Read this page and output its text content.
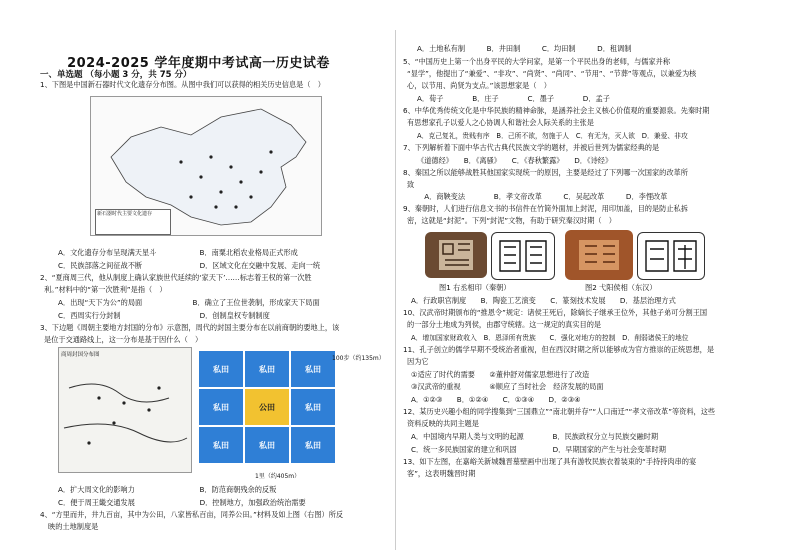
2024-2025 学年度期中考试高一历史试卷
一、单选题 （每小题 3 分，共 75 分）
1、下图是中国新石器时代文化遗存分布图。从图中我们可以获得的相关历史信息是（　）
新石器时代主要文化遗存
A．文化遗存分布呈现满天星斗　　　　　　B．南粟北稻农业格局正式形成
C．民族部落之间征战不断　　　　　　　　D．区域文化在交融中发展、走向一统
2、“夏商周三代，他从制度上确认家族世代延续的‘家天下’……标志着王权的第一次胜
利。”材料中的“第一次胜利”是指（　）
A．出现“天下为公”的局面　　　　　　　B．确立了王位世袭制，形成家天下局面
C．西周实行分封制　　　　　　　　　　　D．创制皇权专制制度
3、下边题《周朝主要地方封国的分布》示意图，周代的封国主要分布在以前商朝的要地上，该
是位于交通路线上，这一分布是基于因什么（　）
商周封国分布图
私田	私田	私田
私田	公田	私田
私田	私田	私田
100步（约135m）
1里（约405m）
A．扩大周文化的影响力　　　　　　　　　B．防范商朝残余的反叛
C．便于周王畿交通发展　　　　　　　　　D．控制地方，加强政治统治需要
4、“方里而井，井九百亩，其中为公田，八家皆私百亩，同养公田。”材料及如上图（右图）所反
映的土地制度是
A．土地私有制　　　B．井田制　　　C．均田制　　　D．租调制
5、“中国历史上第一个出身平民的大学问家，是第一个平民出身的老师，与儒家并称
“显学”，他提出了“兼爱”、“非攻”、“尚贤”、“尚同”、“节用”、“节葬”等观点，以兼爱为核
心，以节用、尚贤为支点。”该思想家是（　）
A．荀子　　　　B．庄子　　　　C．墨子　　　　D．孟子
6、中华优秀传统文化是中华民族的精神命脉，是涵养社会主义核心价值观的重要源泉。先秦时期
有思想家孔子以爱人之心协调人和谐社会人际关系的主张是
A．克己复礼，贵贱有序　B．己所不欲，勿施于人　C．有无为，灭人欲　D．兼爱、非攻
7、下列解析着下面中华古代古典代民族文学的题材，并被后世列为儒家经典的是
《道德经》　　B．《离骚》　　C．《春秋繁露》　　D．《诗经》
8、秦国之所以能够战胜其他国家实现统一的原因，主要是经过了下列哪一次国家的改革所
致
　A．商鞅变法　　　　B．孝文帝改革　　　C．吴起改革　　　D．李悝改革
9、秦朝时，人们进行信息文书的书信件在竹简外面加上封泥，用印加盖，目的是防止私拆
密，这就是“封泥”。下列“封泥”文物，有助于研究秦汉时期（　）
图1 右丞相印（秦朝）	图2 弋阳侯相（东汉）
A．行政职官制度　　B．陶瓷工艺演变　　C．篆刻技术发展　　D．基层治理方式
10、汉武帝时期颁布的“推恩令”规定：诸侯王死后，除嫡长子继承王位外，其他子弟可分割王国
的一部分土地成为列侯，由郡守统辖。这一规定的真实目的是
A．增加国家财政收入　B．恩泽所有贵族　　C．强化对地方的控制　D．削弱诸侯王的地位
11、孔子创立的儒学早期不受统治者重视，但在西汉时期之所以能够成为官方推崇的正统思想，是
因为它
①适应了时代的需要　　②董仲舒对儒家思想进行了改造
③汉武帝的重视　　　　④顺应了当时社会　经济发展的局面
A．①②③　　B．①②④　　C．①③④　　D．②③④
12、某历史兴趣小组的同学搜集到“三国鼎立”“南北朝并存”“人口南迁”“孝文帝改革”等资料，这些
资料反映的共同主题是
A．中国境内早期人类与文明的起源　　　　B．民族政权分立与民族交融时期
C．统一多民族国家的建立和巩固　　　　　D．早期国家的产生与社会变革时期
13、如下左图，在嘉峪关新城魏晋墓壁画中出现了具有游牧民族衣着装束的“手持持肉串的宴
客”，这表明魏晋时期
